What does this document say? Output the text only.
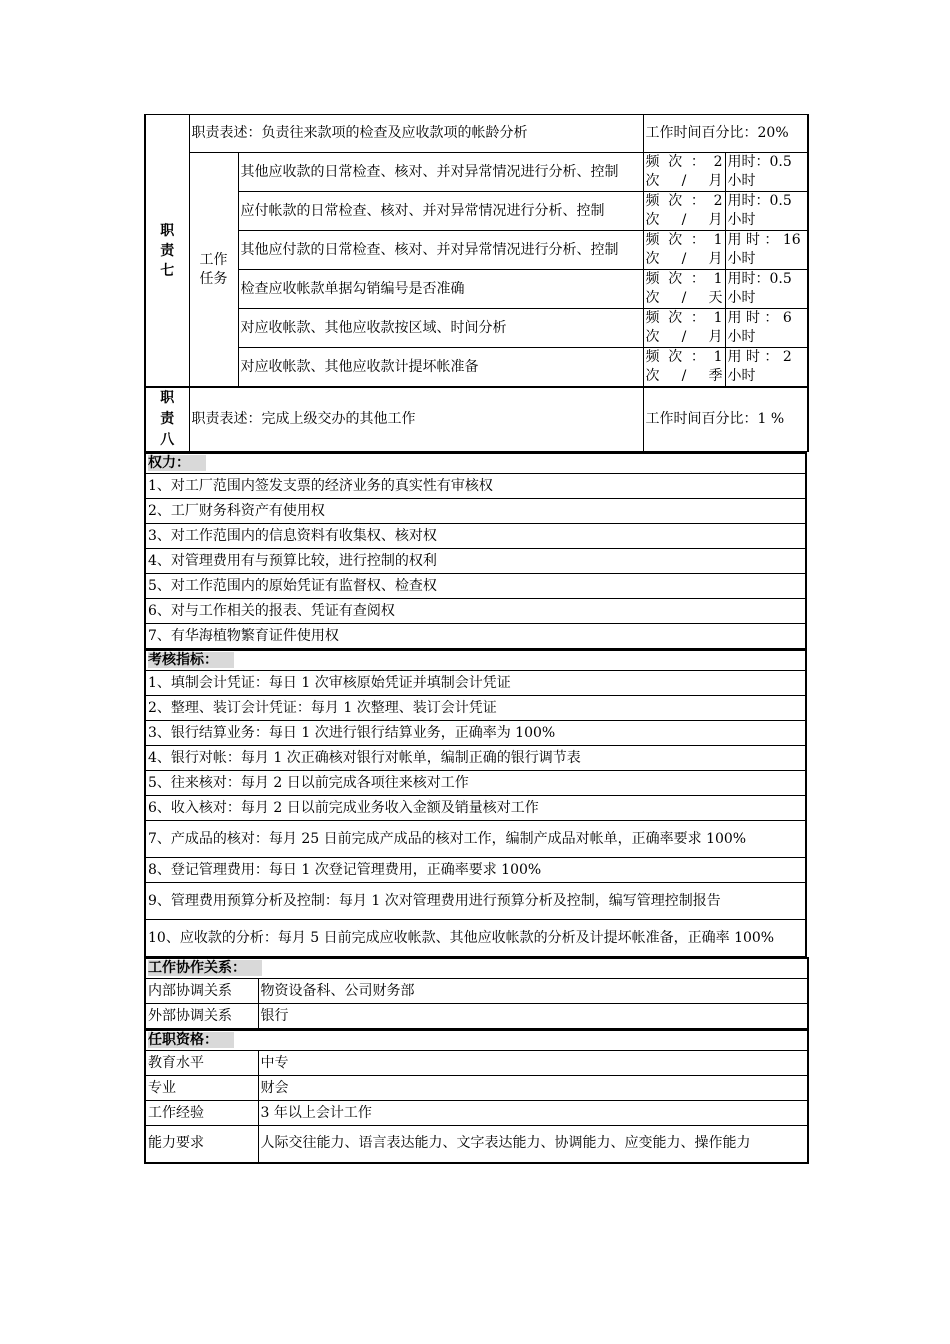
职责七	职责表述：负责往来款项的检查及应收款项的帐龄分析		工作时间百分比：20%	
	工作任务	其他应收款的日常检查、核对、并对异常情况进行分析、控制	频 次 ： 2次/月	用时：0.5小时
		应付帐款的日常检查、核对、并对异常情况进行分析、控制	频 次 ： 2次/月	用时：0.5小时
		其他应付款的日常检查、核对、并对异常情况进行分析、控制	频 次 ： 1次/月	用 时 ： 16小时
		检查应收帐款单据勾销编号是否准确	频 次 ： 1次/天	用时：0.5小时
		对应收帐款、其他应收款按区域、时间分析	频 次 ： 1次/月	用 时 ： 6小时
		对应收帐款、其他应收款计提坏帐准备	频 次 ： 1次/季	用 时 ： 2小时
职责八	职责表述：完成上级交办的其他工作		工作时间百分比：1 %	
权力：
1、对工厂范围内签发支票的经济业务的真实性有审核权
2、工厂财务科资产有使用权
3、对工作范围内的信息资料有收集权、核对权
4、对管理费用有与预算比较，进行控制的权利
5、对工作范围内的原始凭证有监督权、检查权
6、对与工作相关的报表、凭证有查阅权
7、有华海植物繁育证件使用权
考核指标：
1、填制会计凭证：每日 1 次审核原始凭证并填制会计凭证
2、整理、装订会计凭证：每月 1 次整理、装订会计凭证
3、银行结算业务：每日 1 次进行银行结算业务，正确率为 100%
4、银行对帐：每月 1 次正确核对银行对帐单，编制正确的银行调节表
5、往来核对：每月 2 日以前完成各项往来核对工作
6、收入核对：每月 2 日以前完成业务收入金额及销量核对工作
7、产成品的核对：每月 25 日前完成产成品的核对工作，编制产成品对帐单，正确率要求 100%
8、登记管理费用：每日 1 次登记管理费用，正确率要求 100%
9、管理费用预算分析及控制：每月 1 次对管理费用进行预算分析及控制，编写管理控制报告
10、应收款的分析：每月 5 日前完成应收帐款、其他应收帐款的分析及计提坏帐准备，正确率 100%
工作协作关系：	
内部协调关系	物资设备科、公司财务部
外部协调关系	银行
任职资格：	
教育水平	中专
专业	财会
工作经验	3 年以上会计工作
能力要求	人际交往能力、语言表达能力、文字表达能力、协调能力、应变能力、操作能力
